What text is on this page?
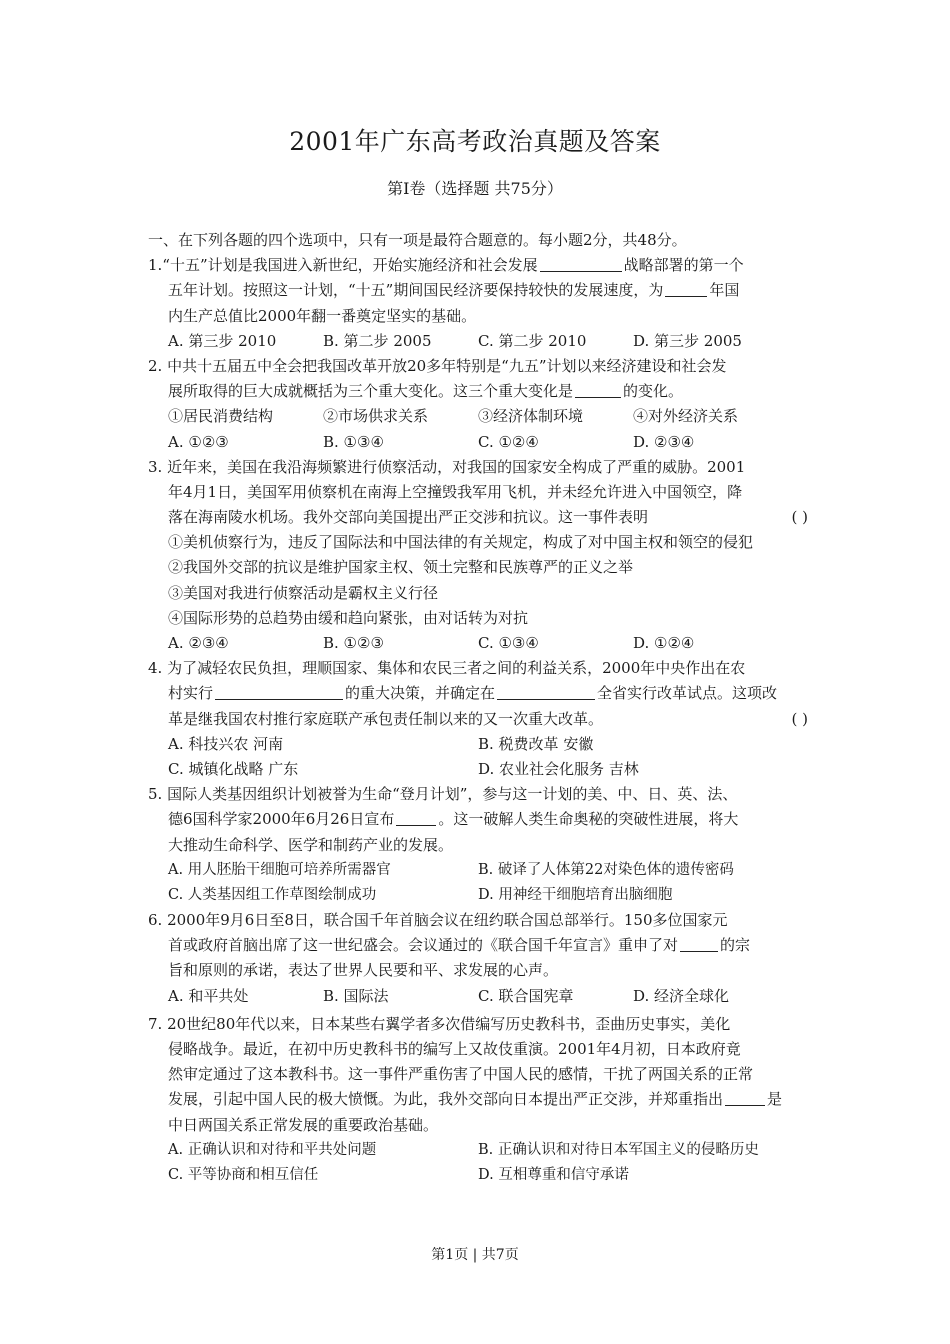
2001年广东高考政治真题及答案
第Ⅰ卷（选择题 共75分）
一、在下列各题的四个选项中，只有一项是最符合题意的。每小题2分，共48分。
1.“十五”计划是我国进入新世纪，开始实施经济和社会发展	战略部署的第一个
五年计划。按照这一计划，“十五”期间国民经济要保持较快的发展速度，为	年国
内生产总值比2000年翻一番奠定坚实的基础。
A. 第三步 2010	B. 第二步 2005	C. 第二步 2010	D. 第三步 2005
2. 中共十五届五中全会把我国改革开放20多年特别是“九五”计划以来经济建设和社会发
展所取得的巨大成就概括为三个重大变化。这三个重大变化是	的变化。
①居民消费结构	②市场供求关系	③经济体制环境	④对外经济关系
A. ①②③	B. ①③④	C. ①②④	D. ②③④
3. 近年来，美国在我沿海频繁进行侦察活动，对我国的国家安全构成了严重的威胁。2001
年4月1日，美国军用侦察机在南海上空撞毁我军用飞机，并未经允许进入中国领空，降
落在海南陵水机场。我外交部向美国提出严正交涉和抗议。这一事件表明	( )
①美机侦察行为，违反了国际法和中国法律的有关规定，构成了对中国主权和领空的侵犯
②我国外交部的抗议是维护国家主权、领土完整和民族尊严的正义之举
③美国对我进行侦察活动是霸权主义行径
④国际形势的总趋势由缓和趋向紧张，由对话转为对抗
A. ②③④	B. ①②③	C. ①③④	D. ①②④
4. 为了减轻农民负担，理顺国家、集体和农民三者之间的利益关系，2000年中央作出在农
村实行	的重大决策，并确定在	全省实行改革试点。这项改
革是继我国农村推行家庭联产承包责任制以来的又一次重大改革。	( )
A. 科技兴农 河南	B. 税费改革 安徽
C. 城镇化战略 广东	D. 农业社会化服务 吉林
5. 国际人类基因组织计划被誉为生命“登月计划”，参与这一计划的美、中、日、英、法、
德6国科学家2000年6月26日宣布	。这一破解人类生命奥秘的突破性进展，将大
大推动生命科学、医学和制药产业的发展。
A. 用人胚胎干细胞可培养所需器官	B. 破译了人体第22对染色体的遗传密码
C. 人类基因组工作草图绘制成功	D. 用神经干细胞培育出脑细胞
6. 2000年9月6日至8日，联合国千年首脑会议在纽约联合国总部举行。150多位国家元
首或政府首脑出席了这一世纪盛会。会议通过的《联合国千年宣言》重申了对	的宗
旨和原则的承诺，表达了世界人民要和平、求发展的心声。
A. 和平共处	B. 国际法	C. 联合国宪章	D. 经济全球化
7. 20世纪80年代以来，日本某些右翼学者多次借编写历史教科书，歪曲历史事实，美化
侵略战争。最近，在初中历史教科书的编写上又故伎重演。2001年4月初，日本政府竟
然审定通过了这本教科书。这一事件严重伤害了中国人民的感情，干扰了两国关系的正常
发展，引起中国人民的极大愤慨。为此，我外交部向日本提出严正交涉，并郑重指出	是
中日两国关系正常发展的重要政治基础。
A. 正确认识和对待和平共处问题	B. 正确认识和对待日本军国主义的侵略历史
C. 平等协商和相互信任	D. 互相尊重和信守承诺
第1页 | 共7页
